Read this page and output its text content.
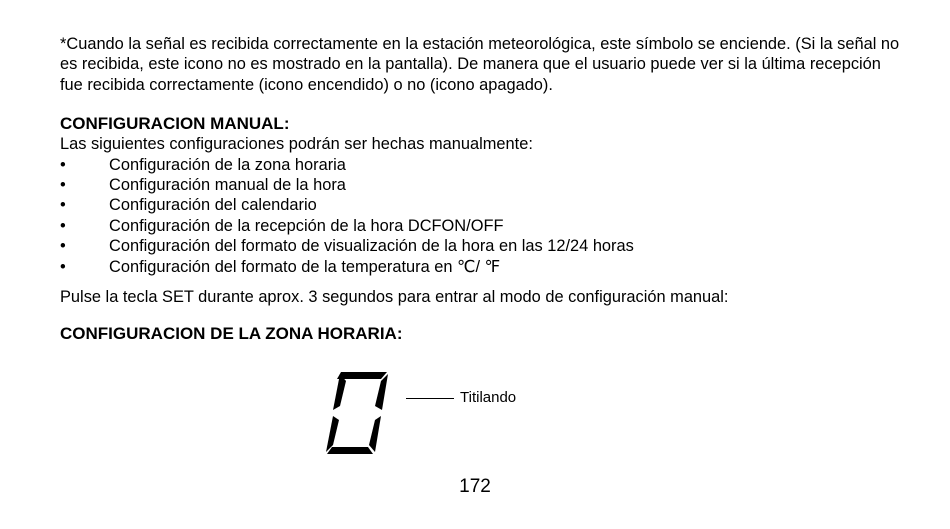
*Cuando la señal es recibida correctamente en la estación meteorológica, este símbolo se enciende. (Si la señal no es recibida, este icono no es mostrado en la pantalla). De manera que el usuario puede ver si la última recepción fue recibida correctamente (icono encendido) o no (icono apagado).

CONFIGURACION MANUAL:

Las siguientes configuraciones podrán ser hechas manualmente:

•	Configuración de la zona horaria
•	Configuración manual de la hora
•	Configuración del calendario
•	Configuración de la recepción de la hora DCFON/OFF
•	Configuración del formato de visualización de la hora en las 12/24 horas
•	Configuración del formato de la temperatura en ℃/ ℉

Pulse la tecla SET durante aprox. 3 segundos para entrar al modo de configuración manual:

CONFIGURACION DE LA ZONA HORARIA:
Titilando
172
